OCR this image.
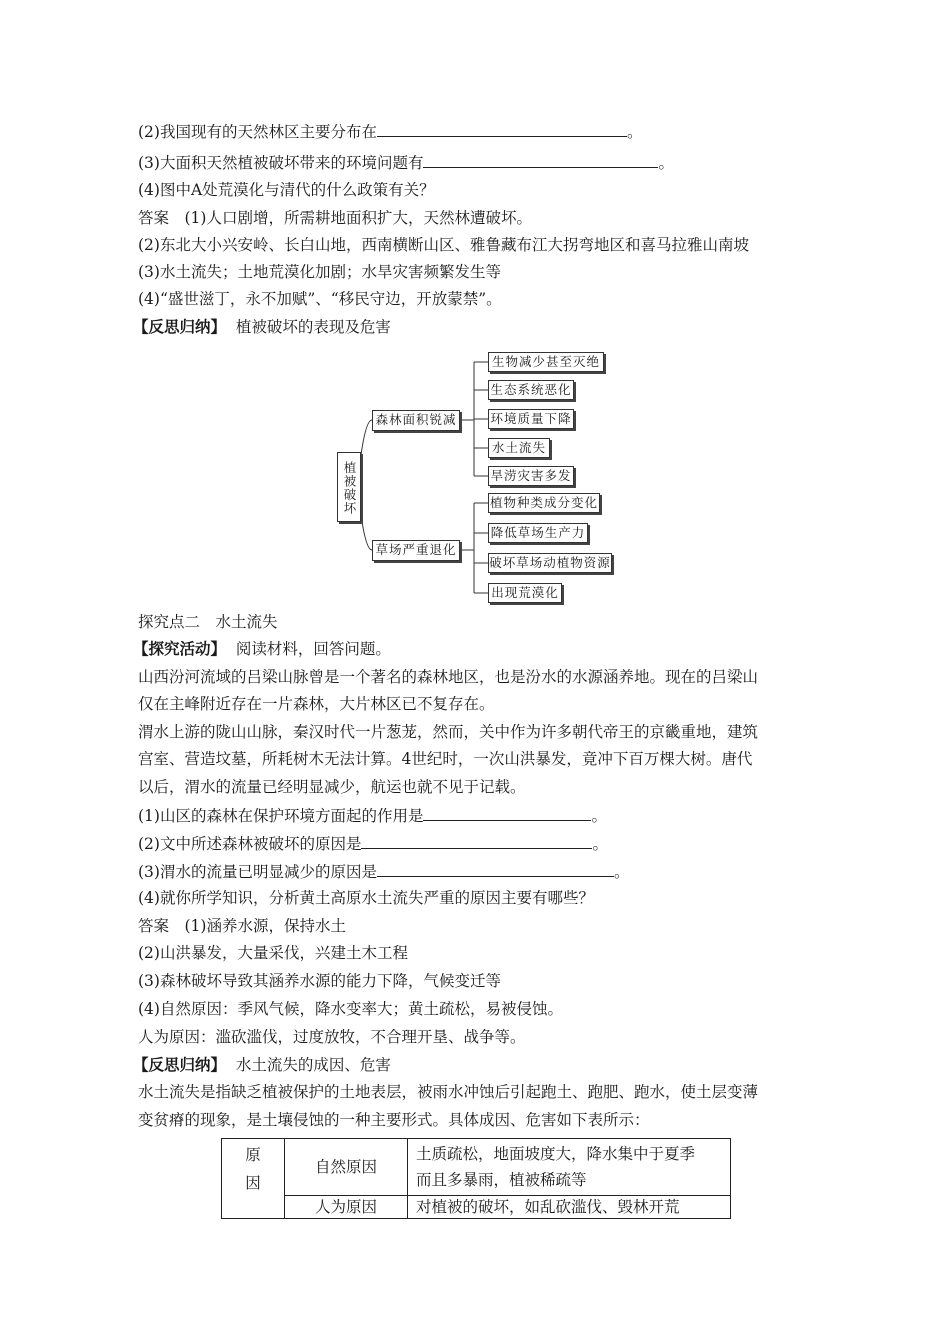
(2)我国现有的天然林区主要分布在	。
(3)大面积天然植被破坏带来的环境问题有	。
(4)图中A处荒漠化与清代的什么政策有关？
答案　(1)人口剧增，所需耕地面积扩大，天然林遭破坏。
(2)东北大小兴安岭、长白山地，西南横断山区、雅鲁藏布江大拐弯地区和喜马拉雅山南坡
(3)水土流失；土地荒漠化加剧；水旱灾害频繁发生等
(4)“盛世滋丁，永不加赋”、“移民守边，开放蒙禁”。
【反思归纳】 植被破坏的表现及危害
植被破坏
森林面积锐减
草场严重退化
生物减少甚至灭绝
生态系统恶化
环境质量下降
水土流失
旱涝灾害多发
植物种类成分变化
降低草场生产力
破坏草场动植物资源
出现荒漠化
探究点二　水土流失
【探究活动】 阅读材料，回答问题。
山西汾河流域的吕梁山脉曾是一个著名的森林地区，也是汾水的水源涵养地。现在的吕梁山
仅在主峰附近存在一片森林，大片林区已不复存在。
渭水上游的陇山山脉，秦汉时代一片葱茏，然而，关中作为许多朝代帝王的京畿重地，建筑
宫室、营造坟墓，所耗树木无法计算。4世纪时，一次山洪暴发，竟冲下百万棵大树。唐代
以后，渭水的流量已经明显减少，航运也就不见于记载。
(1)山区的森林在保护环境方面起的作用是	。
(2)文中所述森林被破坏的原因是	。
(3)渭水的流量已明显减少的原因是	。
(4)就你所学知识，分析黄土高原水土流失严重的原因主要有哪些？
答案　(1)涵养水源，保持水土
(2)山洪暴发，大量采伐，兴建土木工程
(3)森林破坏导致其涵养水源的能力下降，气候变迁等
(4)自然原因：季风气候，降水变率大；黄土疏松，易被侵蚀。
人为原因：滥砍滥伐，过度放牧，不合理开垦、战争等。
【反思归纳】 水土流失的成因、危害
水土流失是指缺乏植被保护的土地表层，被雨水冲蚀后引起跑土、跑肥、跑水，使土层变薄
变贫瘠的现象，是土壤侵蚀的一种主要形式。具体成因、危害如下表所示：
原
因	自然原因	土质疏松，地面坡度大，降水集中于夏季
而且多暴雨，植被稀疏等
	人为原因	对植被的破坏，如乱砍滥伐、毁林开荒
